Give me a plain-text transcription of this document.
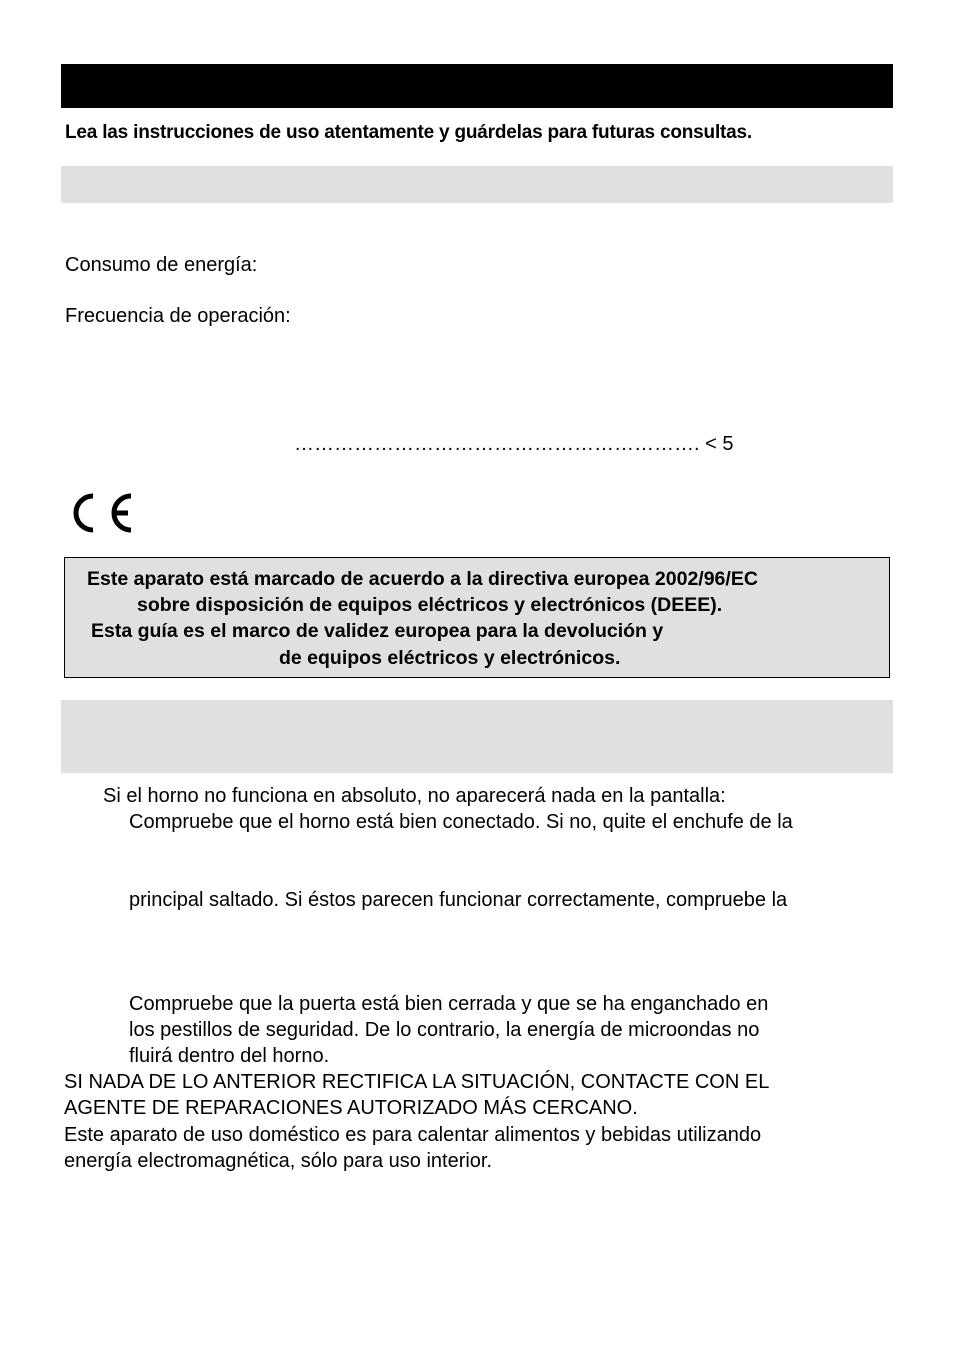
Lea las instrucciones de uso atentamente y guárdelas para futuras consultas.
Consumo de energía:
Frecuencia de operación:
……………………………………………………. < 5
Este aparato está marcado de acuerdo a la directiva europea 2002/96/EC
sobre disposición de equipos eléctricos y electrónicos (DEEE).
Esta guía es el marco de validez europea para la devolución y
de equipos eléctricos y electrónicos.
Si el horno no funciona en absoluto, no aparecerá nada en la pantalla:
Compruebe que el horno está bien conectado. Si no, quite el enchufe de la
principal saltado. Si éstos parecen funcionar correctamente, compruebe la
Compruebe que la puerta está bien cerrada y que se ha enganchado en
los pestillos de seguridad. De lo contrario, la energía de microondas no
fluirá dentro del horno.
SI NADA DE LO ANTERIOR RECTIFICA LA SITUACIÓN, CONTACTE CON EL
AGENTE DE REPARACIONES AUTORIZADO MÁS CERCANO.
Este aparato de uso doméstico es para calentar alimentos y bebidas utilizando
energía electromagnética, sólo para uso interior.
